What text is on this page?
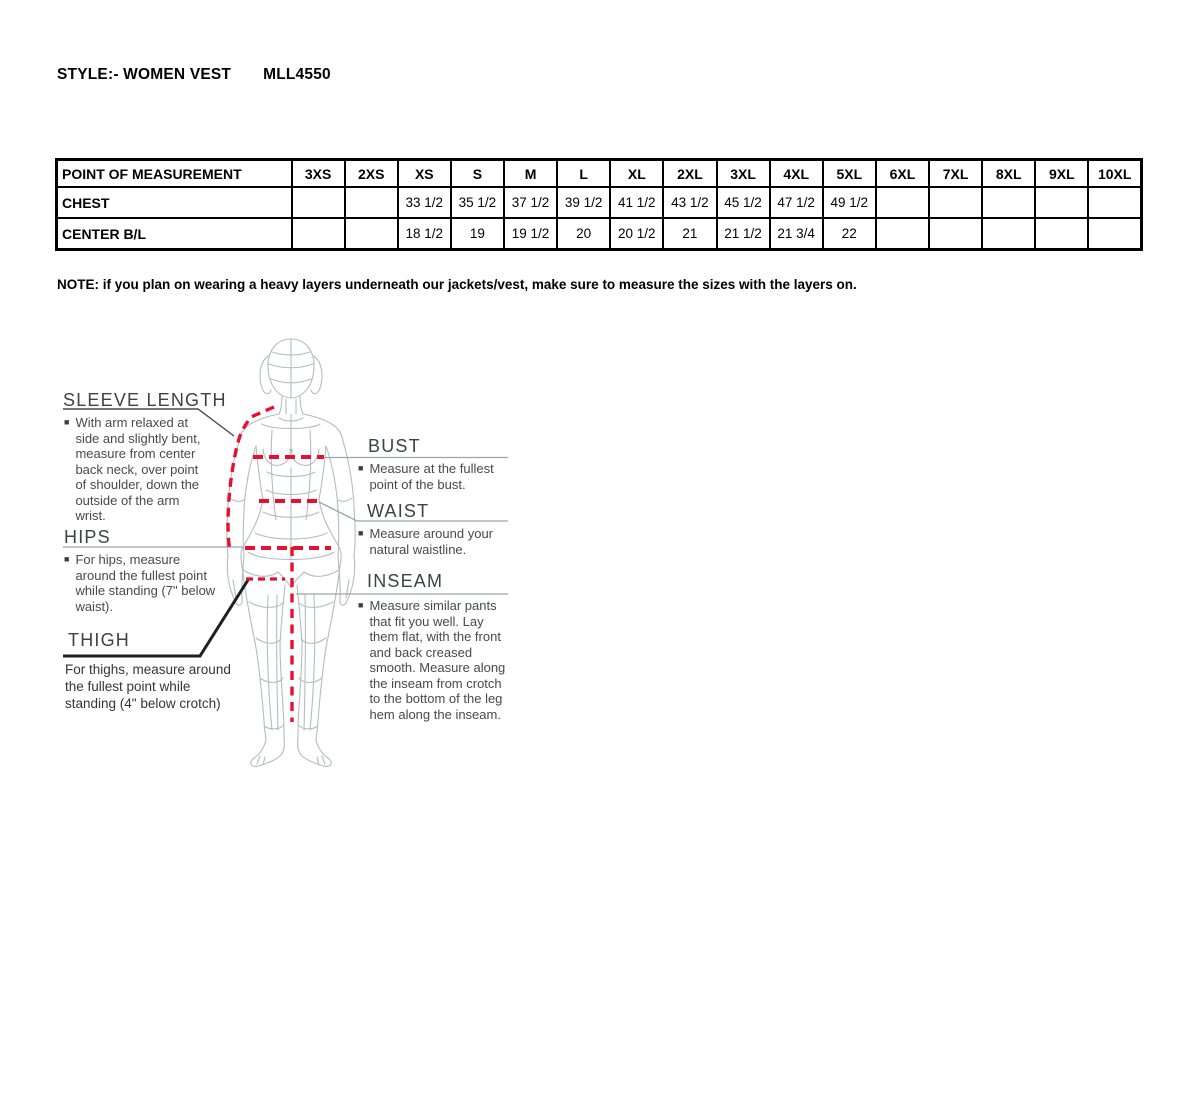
STYLE:- WOMEN VEST MLL4550
POINT OF MEASUREMENT	3XS	2XS	XS	S	M	L	XL	2XL	3XL	4XL	5XL	6XL	7XL	8XL	9XL	10XL
CHEST			33 1/2	35 1/2	37 1/2	39 1/2	41 1/2	43 1/2	45 1/2	47 1/2	49 1/2					
CENTER B/L			18 1/2	19	19 1/2	20	20 1/2	21	21 1/2	21 3/4	22					
NOTE: if you plan on wearing a heavy layers underneath our jackets/vest, make sure to measure the sizes with the layers on.
SLEEVE LENGTH
■ With arm relaxed at side and slightly bent, measure from center back neck, over point of shoulder, down the outside of the arm wrist.
HIPS
■ For hips, measure around the fullest point while standing (7" below waist).
THIGH
For thighs, measure around the fullest point while standing (4" below crotch)
BUST
■ Measure at the fullest point of the bust.
WAIST
■ Measure around your natural waistline.
INSEAM
■ Measure similar pants that fit you well. Lay them flat, with the front and back creased smooth. Measure along the inseam from crotch to the bottom of the leg hem along the inseam.
